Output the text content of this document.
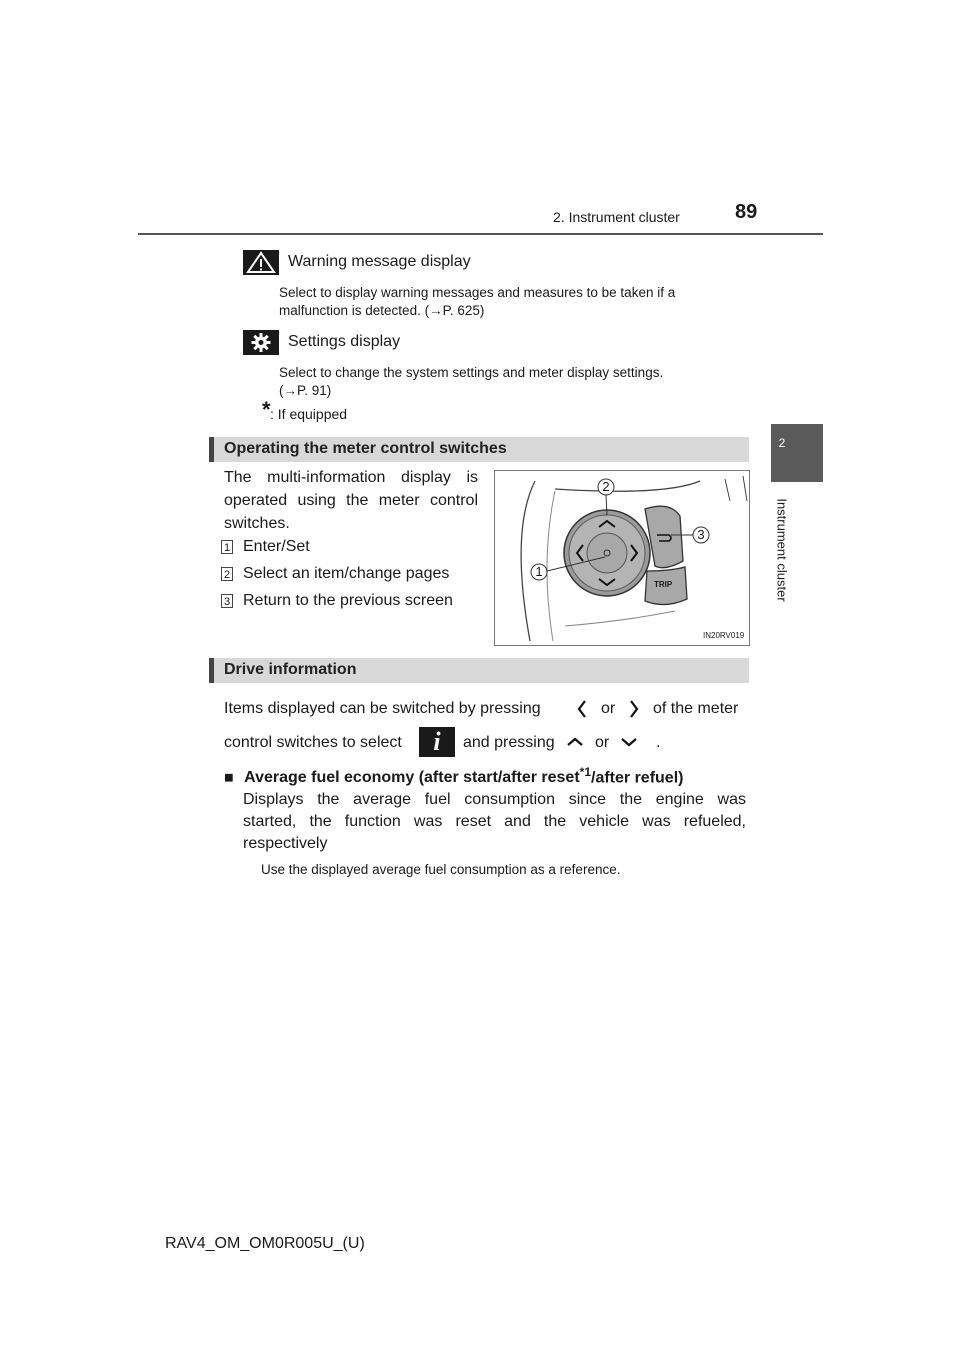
2. Instrument cluster	89
2
Instrument cluster
Warning message display
Select to display warning messages and measures to be taken if a
malfunction is detected. (→P. 625)
Settings display
Select to change the system settings and meter display settings.
(→P. 91)
* : If equipped
Operating the meter control switches
The multi-information display is
operated using the meter control
switches.
1 Enter/Set
2 Select an item/change pages
3 Return to the previous screen
2
3
1
TRIP
IN20RV019
Drive information
Items displayed can be switched by pressing	or of the meter
control switches to select	i	and pressing	or	.
■ Average fuel economy (after start/after reset$^{*1}$/after refuel)
Displays the average fuel consumption since the engine was
started, the function was reset and the vehicle was refueled,
respectively
Use the displayed average fuel consumption as a reference.
RAV4_OM_OM0R005U_(U)
